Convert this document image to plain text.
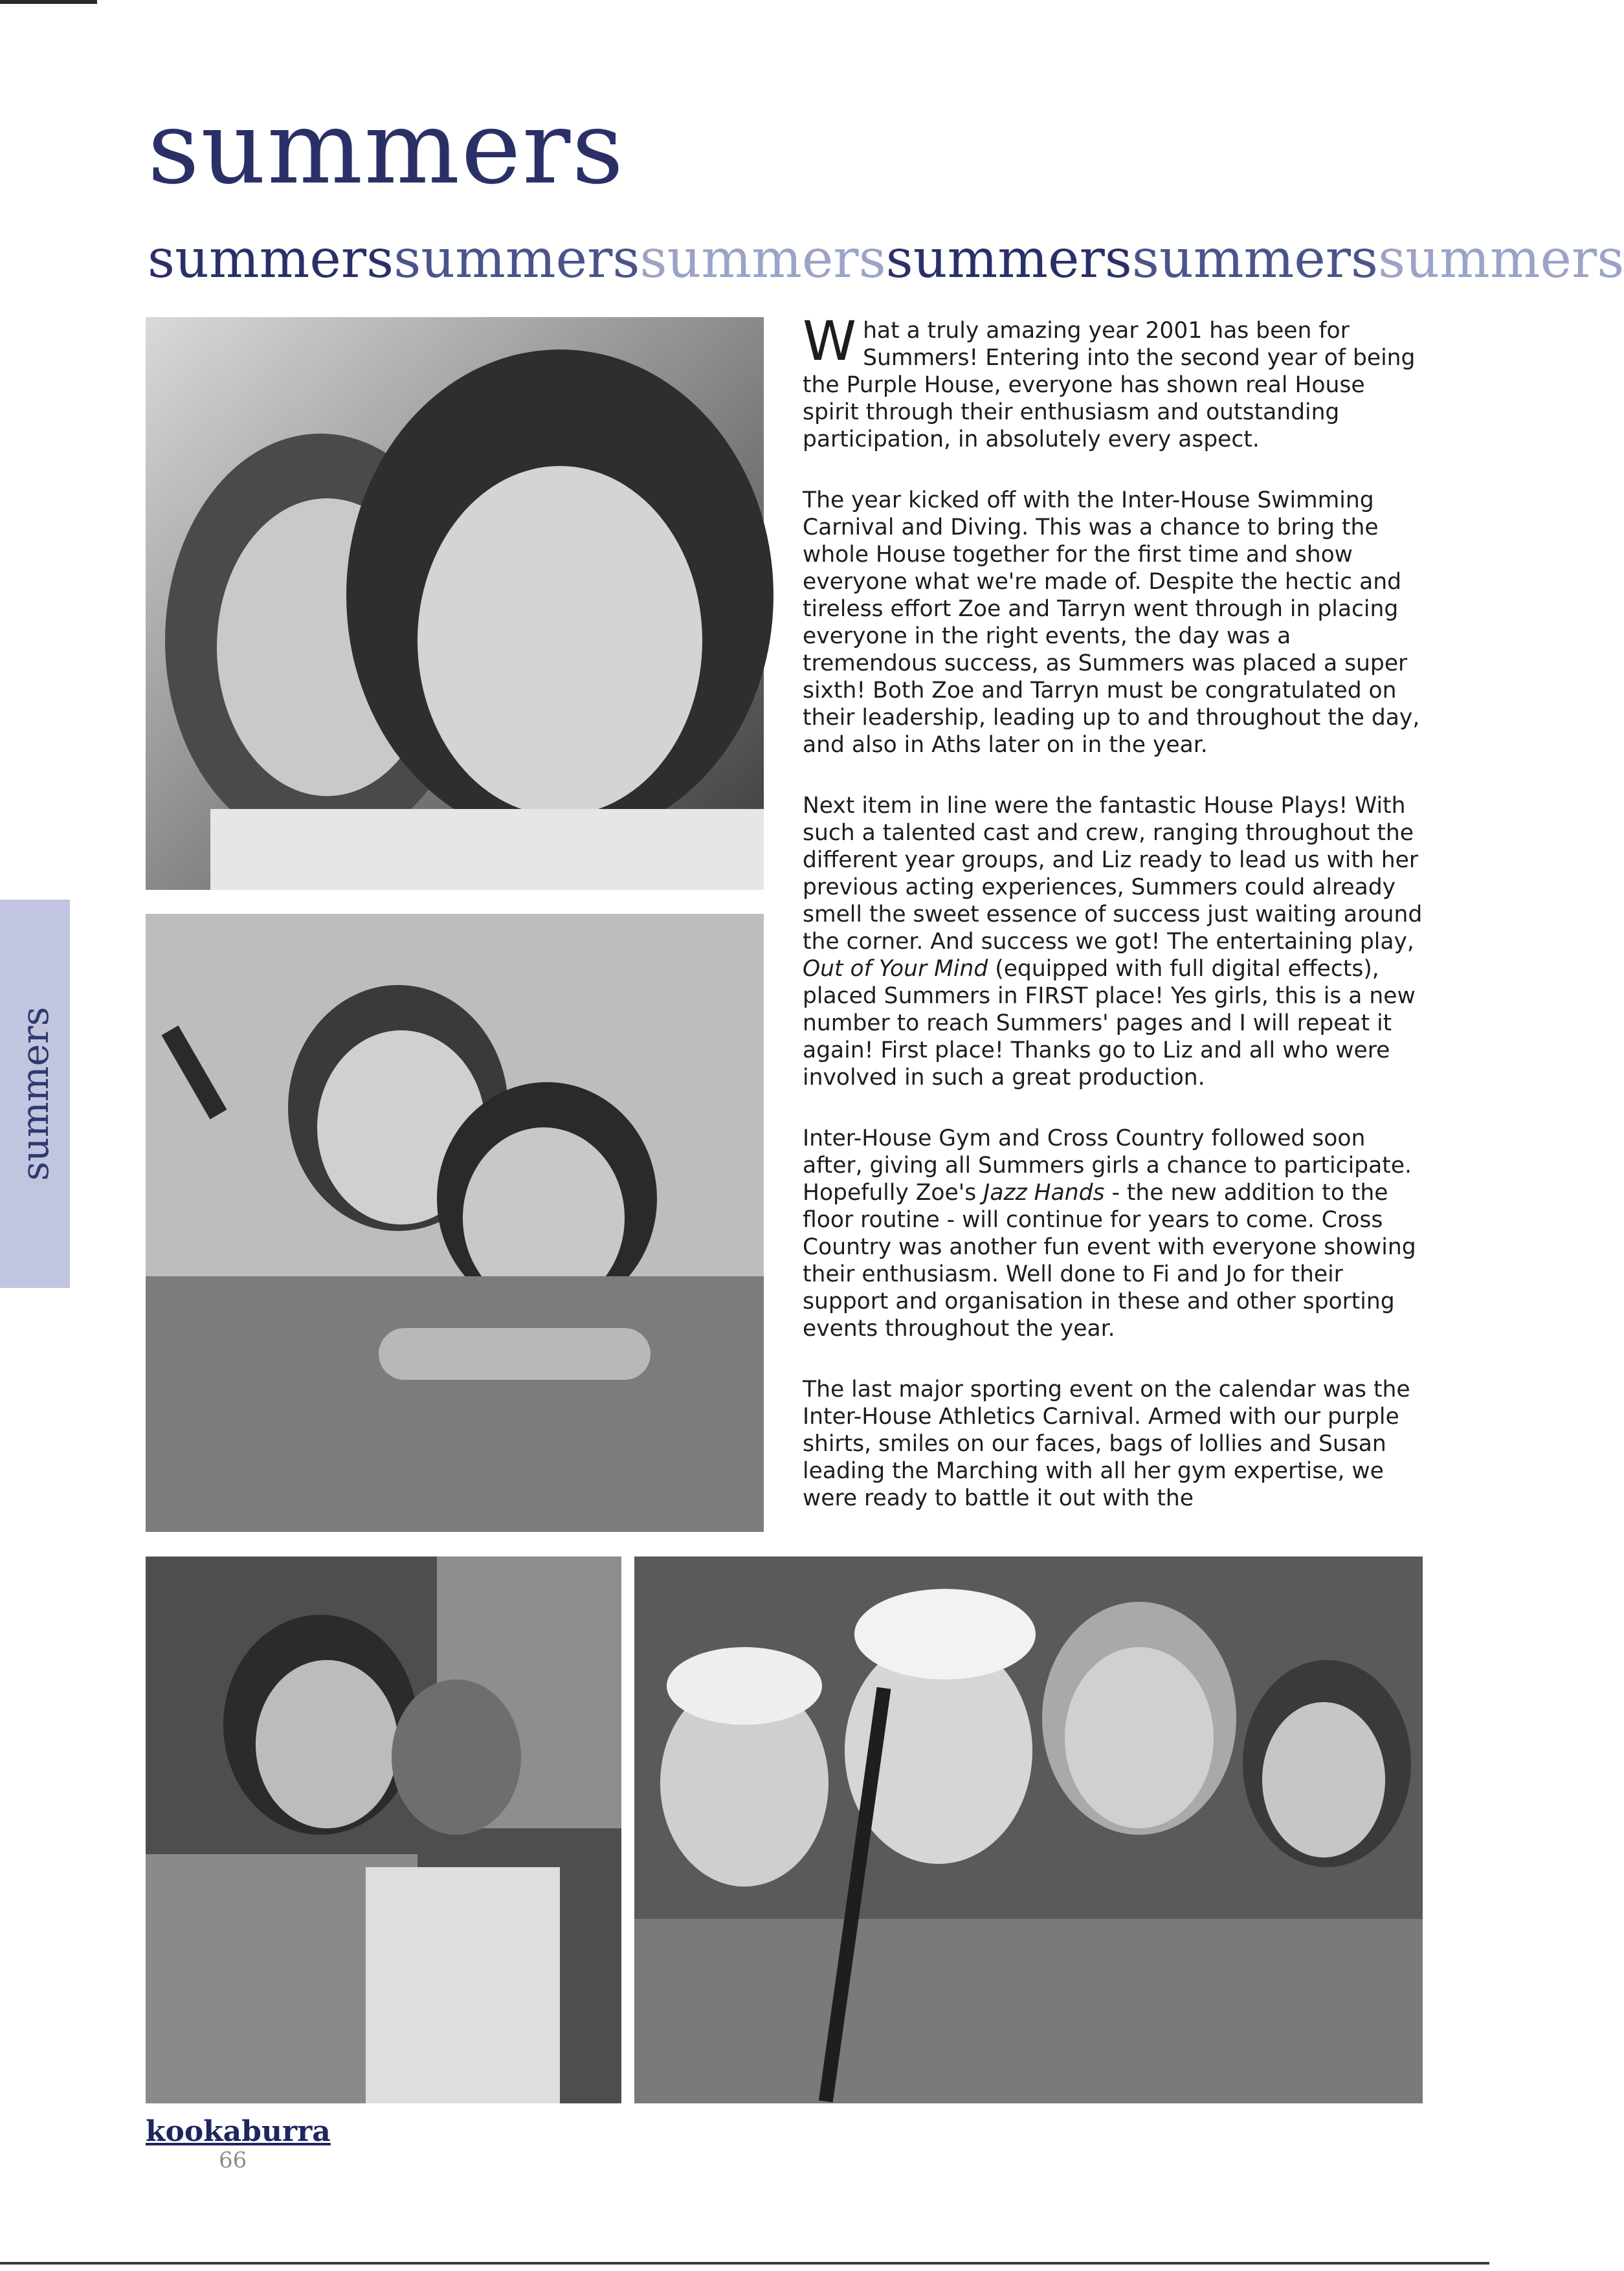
summers
summers summers summers summers summers summers
summers

What a truly amazing year 2001 has been for Summers! Entering into the second year of being the Purple House, everyone has shown real House spirit through their enthusiasm and outstanding participation, in absolutely every aspect.

The year kicked off with the Inter-House Swimming Carnival and Diving. This was a chance to bring the whole House together for the first time and show everyone what we're made of. Despite the hectic and tireless effort Zoe and Tarryn went through in placing everyone in the right events, the day was a tremendous success, as Summers was placed a super sixth! Both Zoe and Tarryn must be congratulated on their leadership, leading up to and throughout the day, and also in Aths later on in the year.

Next item in line were the fantastic House Plays! With such a talented cast and crew, ranging throughout the different year groups, and Liz ready to lead us with her previous acting experiences, Summers could already smell the sweet essence of success just waiting around the corner. And success we got! The entertaining play, Out of Your Mind (equipped with full digital effects), placed Summers in FIRST place! Yes girls, this is a new number to reach Summers' pages and I will repeat it again! First place! Thanks go to Liz and all who were involved in such a great production.

Inter-House Gym and Cross Country followed soon after, giving all Summers girls a chance to participate. Hopefully Zoe's Jazz Hands - the new addition to the floor routine - will continue for years to come. Cross Country was another fun event with everyone showing their enthusiasm. Well done to Fi and Jo for their support and organisation in these and other sporting events throughout the year.

The last major sporting event on the calendar was the Inter-House Athletics Carnival. Armed with our purple shirts, smiles on our faces, bags of lollies and Susan leading the Marching with all her gym expertise, we were ready to battle it out with the

kookaburra
66
